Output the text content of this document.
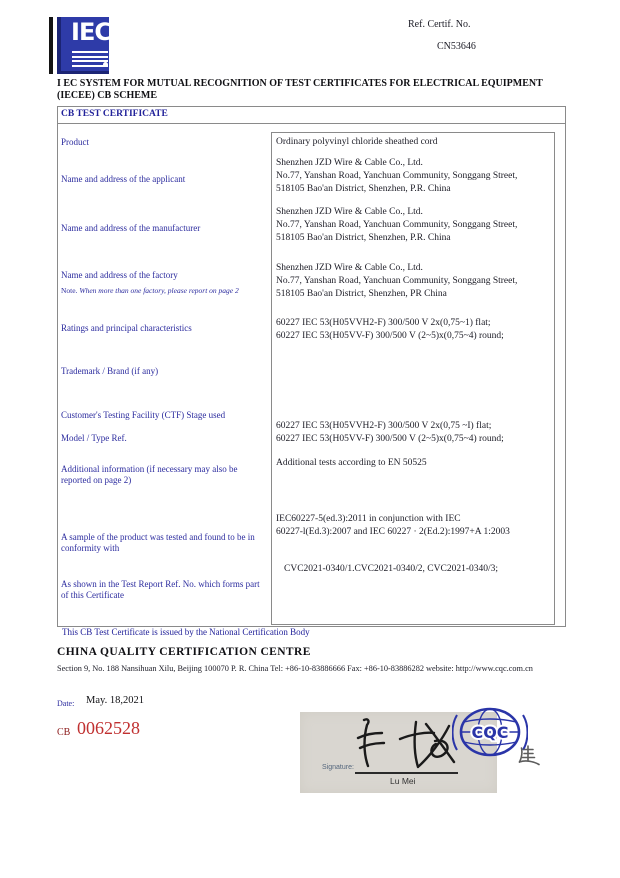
IEC	Ref. Certif. No.
CN53646
I EC SYSTEM FOR MUTUAL RECOGNITION OF TEST CERTIFICATES FOR ELECTRICAL EQUIPMENT
(IECEE) CB SCHEME
CB TEST CERTIFICATE
Product
Name and address of the applicant
Name and address of the manufacturer
Name and address of the factory
Note. When more than one factory, please report on page 2
Ratings and principal characteristics
Trademark / Brand (if any)
Customer's Testing Facility (CTF) Stage used
Model / Type Ref.
Additional information (if necessary may also be reported on page 2)
A sample of the product was tested and found to be in conformity with
As shown in the Test Report Ref. No. which forms part of this Certificate
Ordinary polyvinyl chloride sheathed cord
Shenzhen JZD Wire & Cable Co., Ltd.
No.77, Yanshan Road, Yanchuan Community, Songgang Street,
518105 Bao'an District, Shenzhen, P.R. China
Shenzhen JZD Wire & Cable Co., Ltd.
No.77, Yanshan Road, Yanchuan Community, Songgang Street,
518105 Bao'an District, Shenzhen, P.R. China
Shenzhen JZD Wire & Cable Co., Ltd.
No.77, Yanshan Road, Yanchuan Community, Songgang Street,
518105 Bao'an District, Shenzhen, PR China
60227 IEC 53(H05VVH2-F) 300/500 V 2x(0,75~1) flat;
60227 IEC 53(H05VV-F) 300/500 V (2~5)x(0,75~4) round;
60227 IEC 53(H05VVH2-F) 300/500 V 2x(0,75 ~I) flat;
60227 IEC 53(H05VV-F) 300/500 V (2~5)x(0,75~4) round;
Additional tests according to EN 50525
IEC60227-5(ed.3):2011 in conjunction with IEC
60227-l(Ed.3):2007 and IEC 60227 · 2(Ed.2):1997+A 1:2003
CVC2021-0340/1.CVC2021-0340/2, CVC2021-0340/3;
This CB Test Certificate is issued by the National Certification Body
CHINA QUALITY CERTIFICATION CENTRE
Section 9, No. 188 Nansihuan Xilu, Beijing 100070 P. R. China Tel: +86-10-83886666 Fax: +86-10-83886282 website: http://www.cqc.com.cn
Date: May. 18,2021
CB 0062528
Signature:
Lu Mei
CQC
